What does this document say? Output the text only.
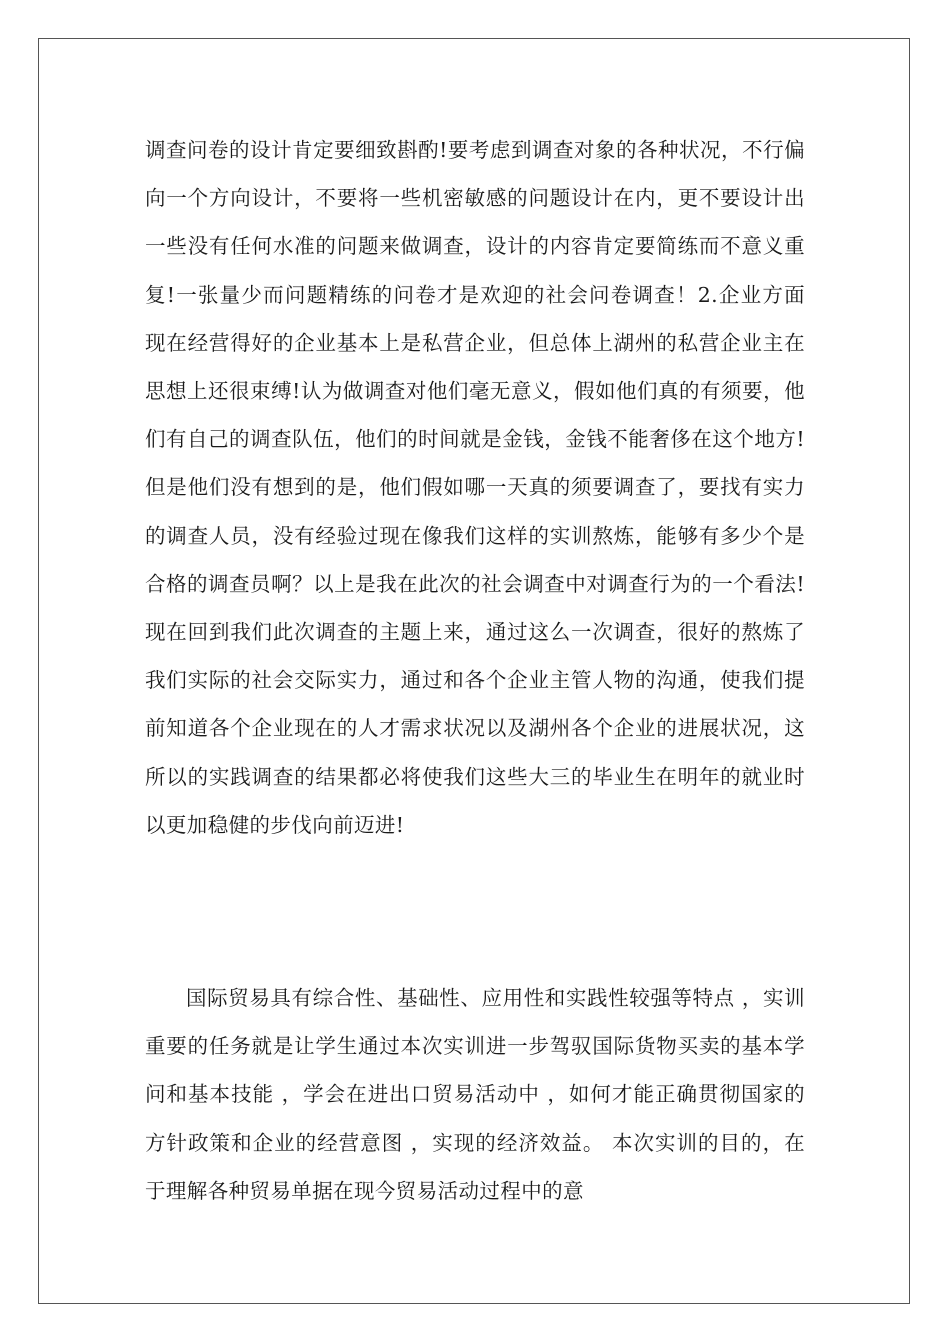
调查问卷的设计肯定要细致斟酌!要考虑到调查对象的各种状况，不行偏向一个方向设计，不要将一些机密敏感的问题设计在内，更不要设计出一些没有任何水准的问题来做调查，设计的内容肯定要简练而不意义重复!一张量少而问题精练的问卷才是欢迎的社会问卷调查！2.企业方面 现在经营得好的企业基本上是私营企业，但总体上湖州的私营企业主在思想上还很束缚!认为做调查对他们毫无意义，假如他们真的有须要，他们有自己的调查队伍，他们的时间就是金钱，金钱不能奢侈在这个地方!但是他们没有想到的是，他们假如哪一天真的须要调查了，要找有实力的调查人员，没有经验过现在像我们这样的实训熬炼，能够有多少个是合格的调查员啊？以上是我在此次的社会调查中对调查行为的一个看法!现在回到我们此次调查的主题上来，通过这么一次调查，很好的熬炼了我们实际的社会交际实力，通过和各个企业主管人物的沟通，使我们提前知道各个企业现在的人才需求状况以及湖州各个企业的进展状况，这所以的实践调查的结果都必将使我们这些大三的毕业生在明年的就业时以更加稳健的步伐向前迈进!

国际贸易具有综合性、基础性、应用性和实践性较强等特点 ，实训重要的任务就是让学生通过本次实训进一步驾驭国际货物买卖的基本学问和基本技能 ，学会在进出口贸易活动中 ，如何才能正确贯彻国家的方针政策和企业的经营意图 ，实现的经济效益。 本次实训的目的，在于理解各种贸易单据在现今贸易活动过程中的意
